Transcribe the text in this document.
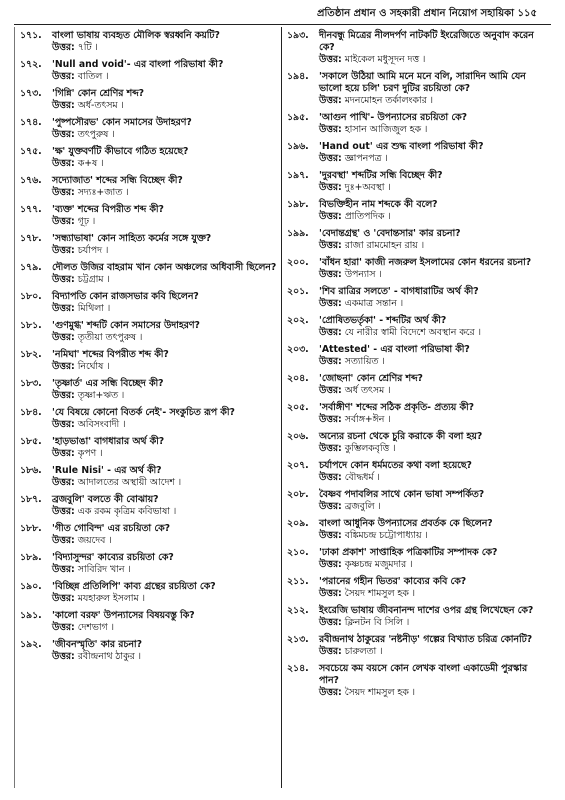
প্রতিষ্ঠান প্রধান ও সহকারী প্রধান নিয়োগ সহায়িকা ১১৫
১৭১.	বাংলা ভাষায় ব্যবহৃত মৌলিক স্বরধ্বনি কয়টি?
উত্তর: ৭টি ।
১৭২.	'Null and void'- এর বাংলা পরিভাষা কী?
উত্তর: বাতিল ।
১৭৩.	'গিন্নি' কোন শ্রেণির শব্দ?
উত্তর: অর্ধ-তৎসম ।
১৭৪.	'পুষ্পসৌরভ' কোন সমাসের উদাহরণ?
উত্তর: তৎপুরুষ ।
১৭৫.	'ক্ষ' যুক্তবর্ণটি কীভাবে গঠিত হয়েছে?
উত্তর: ক+ষ ।
১৭৬.	সদ্যোজাত' শব্দের সন্ধি বিচ্ছেদ কী?
উত্তর: সদ্যঃ+জাত ।
১৭৭.	'ব্যক্ত' শব্দের বিপরীত শব্দ কী?
উত্তর: গূঢ় ।
১৭৮.	'সন্ধ্যাভাষা' কোন সাহিত্য কর্মের সঙ্গে যুক্ত?
উত্তর: চর্যাপদ ।
১৭৯.	দৌলত উজির বাহরাম খান কোন অঞ্চলের অধিবাসী ছিলেন?
উত্তর: চট্টগ্রাম ।
১৮০.	বিদ্যাপতি কোন রাজসভার কবি ছিলেন?
উত্তর: মিথিলা ।
১৮১.	'গুণমুগ্ধ' শব্দটি কোন সমাসের উদাহরণ?
উত্তর: তৃতীয়া তৎপুরুষ ।
১৮২.	'নমিঘা' শব্দের বিপরীত শব্দ কী?
উত্তর: নির্ঘোষ ।
১৮৩.	'তৃষ্ণার্ত' এর সন্ধি বিচ্ছেদ কী?
উত্তর: তৃষ্ণা+ঋত ।
১৮৪.	'যে বিষয়ে কোনো বিতর্ক নেই'- সংকুচিত রূপ কী?
উত্তর: অবিসংবাদী ।
১৮৫.	'হাড়ভাঙা' বাগধারার অর্থ কী?
উত্তর: কৃপণ ।
১৮৬.	'Rule Nisi' - এর অর্থ কী?
উত্তর: আদালতের অস্থায়ী আদেশ ।
১৮৭.	ব্রজবুলি' বলতে কী বোঝায়?
উত্তর: এক রকম কৃত্রিম কবিভাষা ।
১৮৮.	'গীত গোবিন্দ' এর রচয়িতা কে?
উত্তর: জয়দেব ।
১৮৯.	'বিদ্যাসুন্দর' কাব্যের রচয়িতা কে?
উত্তর: সাবিরিদ খান ।
১৯০.	'বিচ্ছিন্ন প্রতিলিপি' কাব্য গ্রন্থের রচয়িতা কে?
উত্তর: মযহারুল ইসলাম ।
১৯১.	'কালো বরফ' উপন্যাসের বিষয়বস্তু কি?
উত্তর: দেশভাগ ।
১৯২.	'জীবনস্মৃতি' কার রচনা?
উত্তর: রবীন্দ্রনাথ ঠাকুর ।
১৯৩.	দীনবন্ধু মিত্রের নীলদর্পণ নাটকটি ইংরেজিতে অনুবাদ করেন কে?
উত্তর: মাইকেল মধুসূদন দত্ত ।
১৯৪.	'সকালে উঠিয়া আমি মনে মনে বলি, সারাদিন আমি যেন ভালো হয়ে চলি' চরণ দুটির রচয়িতা কে?
উত্তর: মদনমোহন তর্কালংকার ।
১৯৫.	'আগুন পাখি'- উপন্যাসের রচয়িতা কে?
উত্তর: হাসান আজিজুল হক ।
১৯৬.	'Hand out' এর শুদ্ধ বাংলা পরিভাষা কী?
উত্তর: জ্ঞাপনপত্র ।
১৯৭.	'দুরবস্থা' শব্দটির সন্ধি বিচ্ছেদ কী?
উত্তর: দুঃ+অবস্থা ।
১৯৮.	বিভক্তিহীন নাম শব্দকে কী বলে?
উত্তর: প্রাতিপদিক ।
১৯৯.	'বেদান্তগ্রন্থ' ও 'বেদান্তসার' কার রচনা?
উত্তর: রাজা রামমোহন রায় ।
২০০.	'বাঁধন হারা' কাজী নজরুল ইসলামের কোন ধরনের রচনা?
উত্তর: উপন্যাস ।
২০১.	'শিব রাত্রির সলতে' - বাগধারাটির অর্থ কী?
উত্তর: একমাত্র সন্তান ।
২০২.	'প্রোষিতভর্তৃকা' - শব্দটির অর্থ কী?
উত্তর: যে নারীর স্বামী বিদেশে অবস্থান করে ।
২০৩.	'Attested' - এর বাংলা পরিভাষা কী?
উত্তর: সত্যায়িত ।
২০৪.	'জোছনা' কোন শ্রেণির শব্দ?
উত্তর: অর্ধ তৎসম ।
২০৫.	'সর্বাঙ্গীণ' শব্দের সঠিক প্রকৃতি- প্রত্যয় কী?
উত্তর: সর্বাঙ্গ+ঈন ।
২০৬.	অন্যের রচনা থেকে চুরি করাকে কী বলা হয়?
উত্তর: কুম্ভিলকবৃত্তি ।
২০৭.	চর্যাপদে কোন ধর্মমতের কথা বলা হয়েছে?
উত্তর: বৌদ্ধধর্ম ।
২০৮.	বৈষ্ণব পদাবলির সাথে কোন ভাষা সম্পর্কিত?
উত্তর: ব্রজবুলি ।
২০৯.	বাংলা আধুনিক উপন্যাসের প্রবর্তক কে ছিলেন?
উত্তর: বঙ্কিমচন্দ্র চট্টোপাধ্যায় ।
২১০.	'ঢাকা প্রকাশ' সাপ্তাহিক পত্রিকাটির সম্পাদক কে?
উত্তর: কৃষ্ণচন্দ্র মজুমদার ।
২১১.	'পরানের গহীন ভিতর' কাব্যের কবি কে?
উত্তর: সৈয়দ শামসুল হক ।
২১২.	ইংরেজি ভাষায় জীবনানন্দ দাশের ওপর গ্রন্থ লিখেছেন কে?
উত্তর: ক্লিনটন বি সিলি ।
২১৩.	রবীন্দ্রনাথ ঠাকুরের 'নষ্টনীড়' গল্পের বিখ্যাত চরিত্র কোনটি?
উত্তর: চারুলতা ।
২১৪.	সবচেয়ে কম বয়সে কোন লেখক বাংলা একাডেমী পুরস্কার পান?
উত্তর: সৈয়দ শামসুল হক ।
